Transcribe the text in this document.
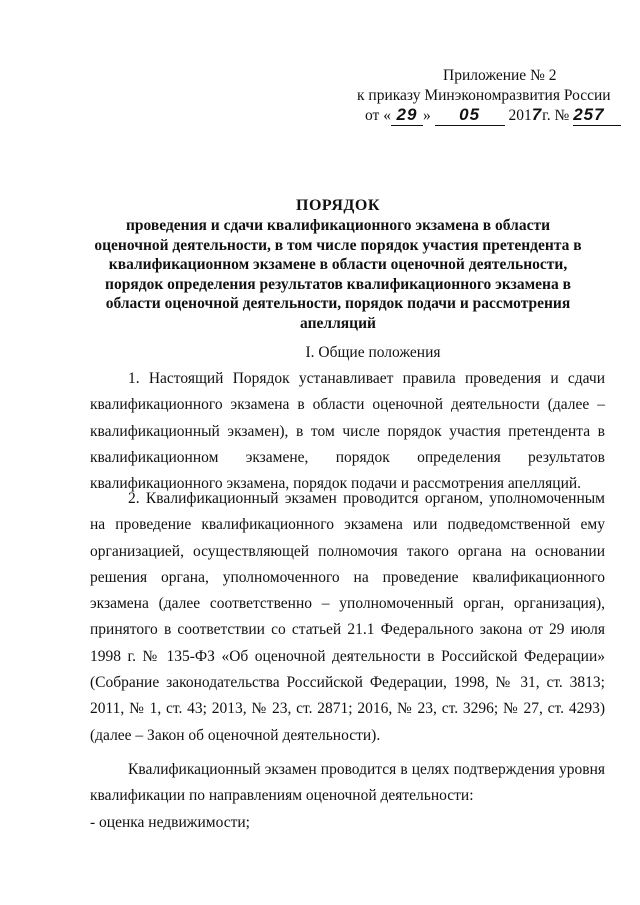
Приложение № 2
к приказу Минэкономразвития России
от « 29 » 05 2017г. № 257
ПОРЯДОК
проведения и сдачи квалификационного экзамена в области оценочной деятельности, в том числе порядок участия претендента в квалификационном экзамене в области оценочной деятельности, порядок определения результатов квалификационного экзамена в области оценочной деятельности, порядок подачи и рассмотрения апелляций
I. Общие положения

1. Настоящий Порядок устанавливает правила проведения и сдачи квалификационного экзамена в области оценочной деятельности (далее – квалификационный экзамен), в том числе порядок участия претендента в квалификационном экзамене, порядок определения результатов квалификационного экзамена, порядок подачи и рассмотрения апелляций.

2. Квалификационный экзамен проводится органом, уполномоченным на проведение квалификационного экзамена или подведомственной ему организацией, осуществляющей полномочия такого органа на основании решения органа, уполномоченного на проведение квалификационного экзамена (далее соответственно – уполномоченный орган, организация), принятого в соответствии со статьей 21.1 Федерального закона от 29 июля 1998 г. № 135-ФЗ «Об оценочной деятельности в Российской Федерации» (Собрание законодательства Российской Федерации, 1998, № 31, ст. 3813; 2011, № 1, ст. 43; 2013, № 23, ст. 2871; 2016, № 23, ст. 3296; № 27, ст. 4293) (далее – Закон об оценочной деятельности).

Квалификационный экзамен проводится в целях подтверждения уровня квалификации по направлениям оценочной деятельности:

- оценка недвижимости;
